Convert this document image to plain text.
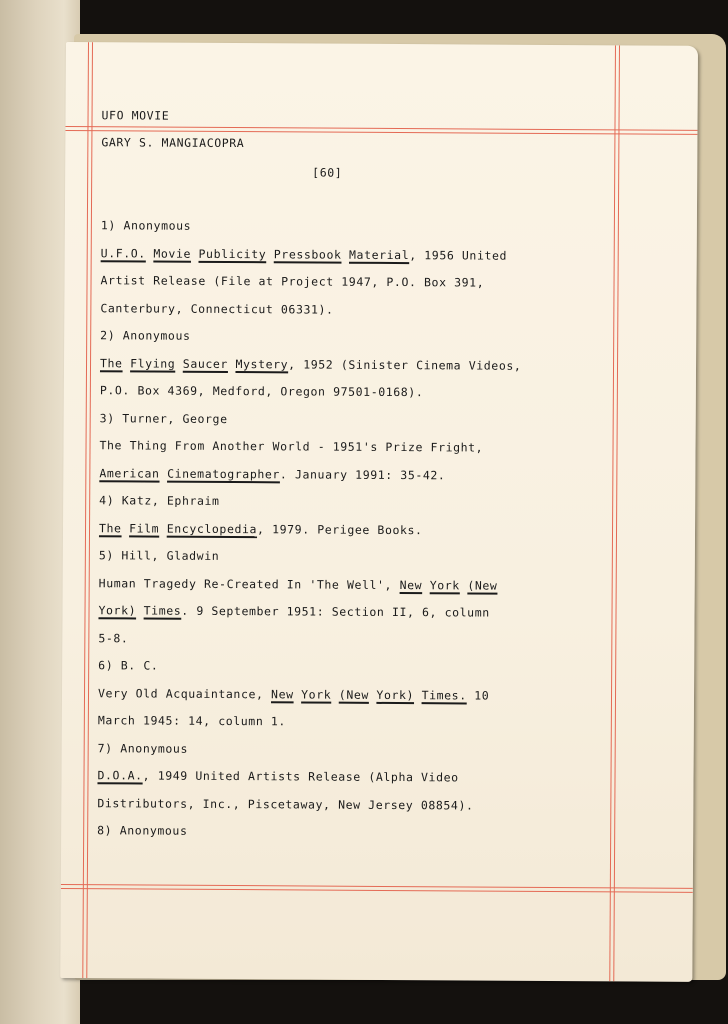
UFO MOVIE
GARY S. MANGIACOPRA
[60]
1) Anonymous
U.F.O. Movie Publicity Pressbook Material, 1956 United
Artist Release (File at Project 1947, P.O. Box 391,
Canterbury, Connecticut 06331).
2) Anonymous
The Flying Saucer Mystery, 1952 (Sinister Cinema Videos,
P.O. Box 4369, Medford, Oregon 97501-0168).
3) Turner, George
The Thing From Another World - 1951's Prize Fright,
American Cinematographer. January 1991: 35-42.
4) Katz, Ephraim
The Film Encyclopedia, 1979. Perigee Books.
5) Hill, Gladwin
Human Tragedy Re-Created In 'The Well', New York (New
York) Times. 9 September 1951: Section II, 6, column
5-8.
6) B. C.
Very Old Acquaintance, New York (New York) Times. 10
March 1945: 14, column 1.
7) Anonymous
D.O.A., 1949 United Artists Release (Alpha Video
Distributors, Inc., Piscetaway, New Jersey 08854).
8) Anonymous
